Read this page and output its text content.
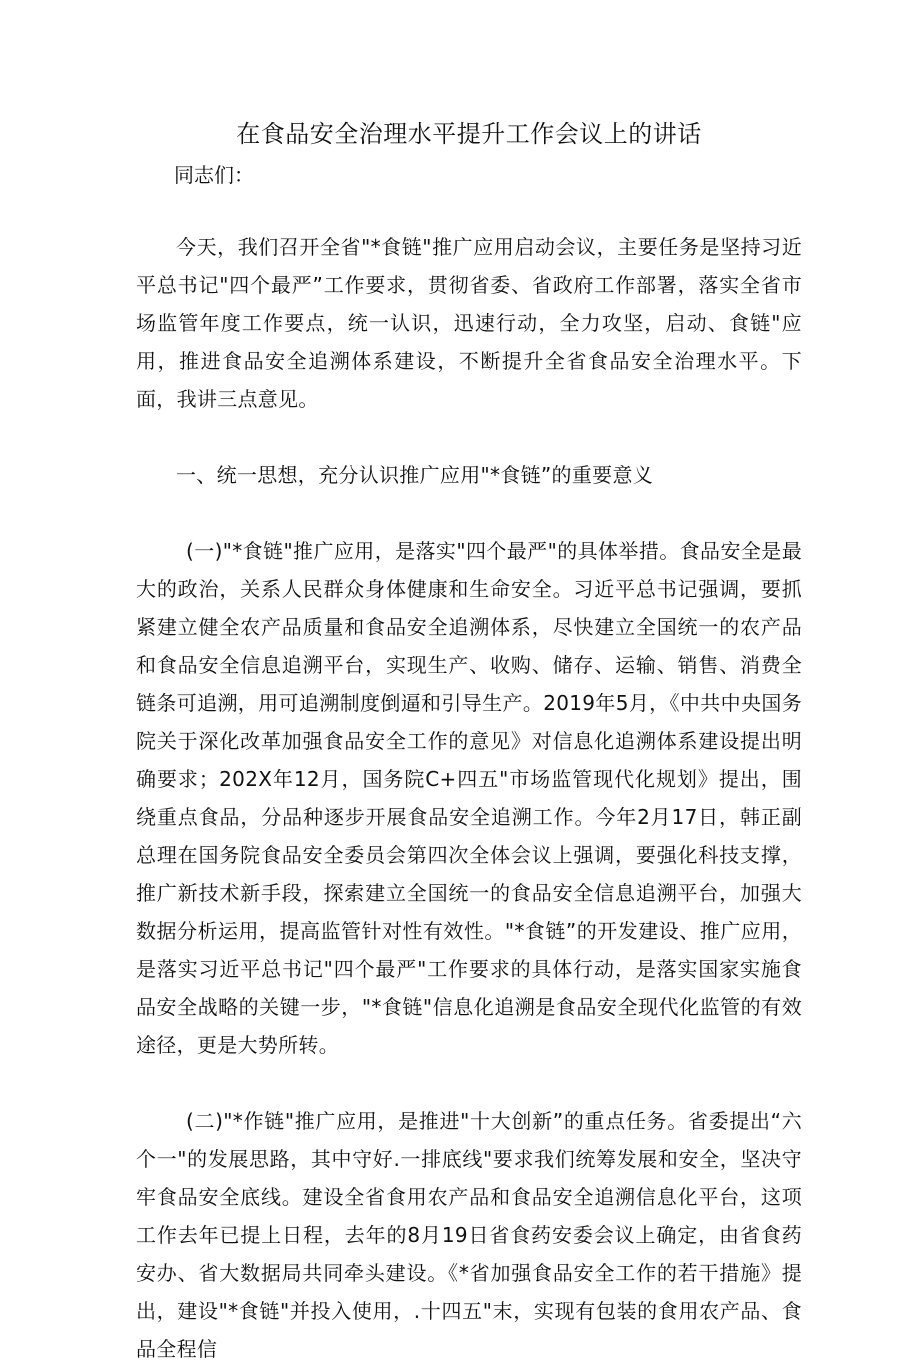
在食品安全治理水平提升工作会议上的讲话

同志们：

今天，我们召开全省"*食链"推广应用启动会议，主要任务是坚持习近平总书记"四个最严”工作要求，贯彻省委、省政府工作部署，落实全省市场监管年度工作要点，统一认识，迅速行动，全力攻坚，启动、食链"应用，推进食品安全追溯体系建设，不断提升全省食品安全治理水平。下面，我讲三点意见。

一、统一思想，充分认识推广应用"*食链”的重要意义

(一)"*食链"推广应用，是落实"四个最严"的具体举措。食品安全是最大的政治，关系人民群众身体健康和生命安全。习近平总书记强调，要抓紧建立健全农产品质量和食品安全追溯体系，尽快建立全国统一的农产品和食品安全信息追溯平台，实现生产、收购、储存、运输、销售、消费全链条可追溯，用可追溯制度倒逼和引导生产。2019年5月，《中共中央国务院关于深化改革加强食品安全工作的意见》对信息化追溯体系建设提出明确要求；202X年12月，国务院C+四五"市场监管现代化规划》提出，围绕重点食品，分品种逐步开展食品安全追溯工作。今年2月17日，韩正副总理在国务院食品安全委员会第四次全体会议上强调，要强化科技支撑，推广新技术新手段，探索建立全国统一的食品安全信息追溯平台，加强大数据分析运用，提高监管针对性有效性。"*食链”的开发建设、推广应用，是落实习近平总书记"四个最严"工作要求的具体行动，是落实国家实施食品安全战略的关键一步，"*食链"信息化追溯是食品安全现代化监管的有效途径，更是大势所转。

(二)"*作链"推广应用，是推进"十大创新”的重点任务。省委提出“六个一"的发展思路，其中守好.一排底线"要求我们统筹发展和安全，坚决守牢食品安全底线。建设全省食用农产品和食品安全追溯信息化平台，这项工作去年已提上日程，去年的8月19日省食药安委会议上确定，由省食药安办、省大数据局共同牵头建设。《*省加强食品安全工作的若干措施》提出，建设"*食链"并投入使用，.十四五"末，实现有包装的食用农产品、食品全程信
